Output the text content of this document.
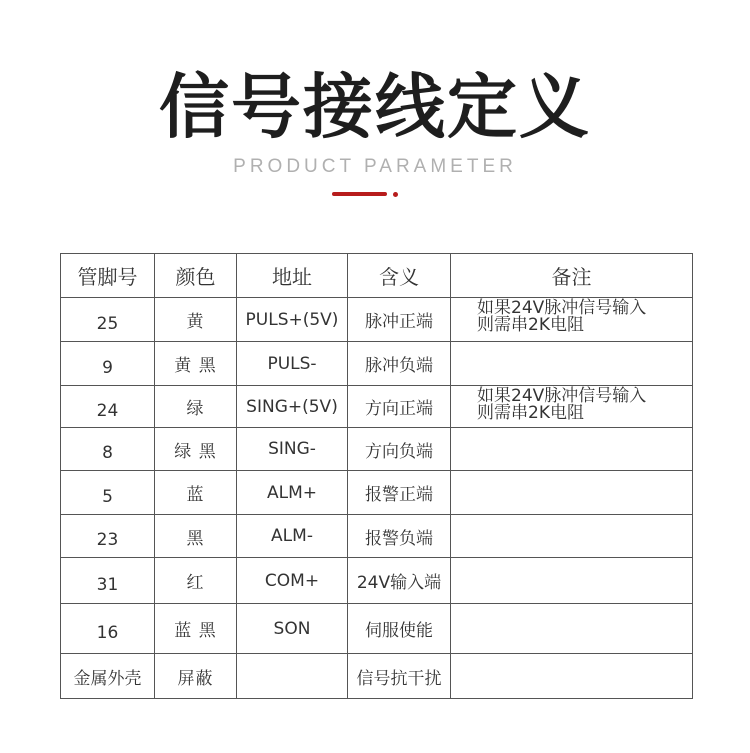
信号接线定义
PRODUCT PARAMETER
管脚号	颜色	地址	含义	备注
25	黄	PULS+(5V)	脉冲正端	如果24V脉冲信号输入
则需串2K电阻
9	黄 黑	PULS-	脉冲负端	
24	绿	SING+(5V)	方向正端	如果24V脉冲信号输入
则需串2K电阻
8	绿 黑	SING-	方向负端	
5	蓝	ALM+	报警正端	
23	黑	ALM-	报警负端	
31	红	COM+	24V输入端	
16	蓝 黑	SON	伺服使能	
金属外壳	屏蔽		信号抗干扰	
